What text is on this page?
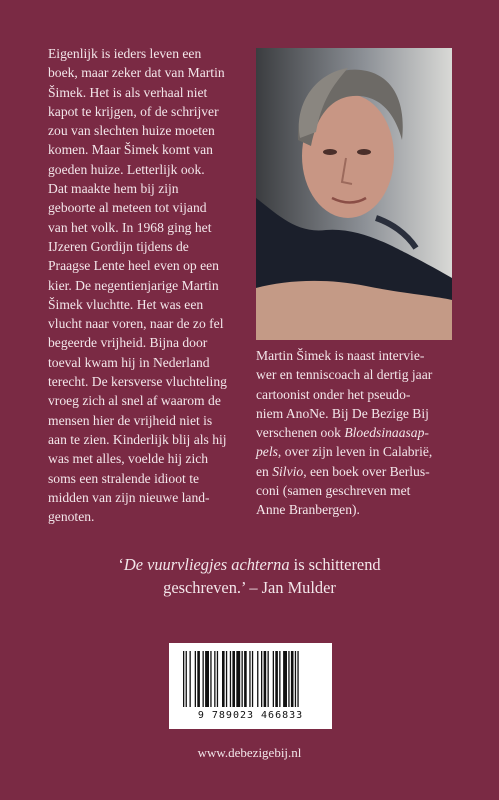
Eigenlijk is ieders leven een
boek, maar zeker dat van Martin
Šimek. Het is als verhaal niet
kapot te krijgen, of de schrijver
zou van slechten huize moeten
komen. Maar Šimek komt van
goeden huize. Letterlijk ook.
Dat maakte hem bij zijn
geboorte al meteen tot vijand
van het volk. In 1968 ging het
IJzeren Gordijn tijdens de
Praagse Lente heel even op een
kier. De negentienjarige Martin
Šimek vluchtte. Het was een
vlucht naar voren, naar de zo fel
begeerde vrijheid. Bijna door
toeval kwam hij in Nederland
terecht. De kersverse vluchteling
vroeg zich al snel af waarom de
mensen hier de vrijheid niet is
aan te zien. Kinderlijk blij als hij
was met alles, voelde hij zich
soms een stralende idioot te
midden van zijn nieuwe land-
genoten.

Martin Šimek is naast intervie-
wer en tenniscoach al dertig jaar
cartoonist onder het pseudo-
niem AnoNe. Bij De Bezige Bij
verschenen ook Bloedsinaasap-
pels, over zijn leven in Calabrië,
en Silvio, een boek over Berlus-
coni (samen geschreven met
Anne Branbergen).

‘De vuurvliegjes achterna is schitterend
geschreven.’ – Jan Mulder
9 789023 466833
www.debezigebij.nl
